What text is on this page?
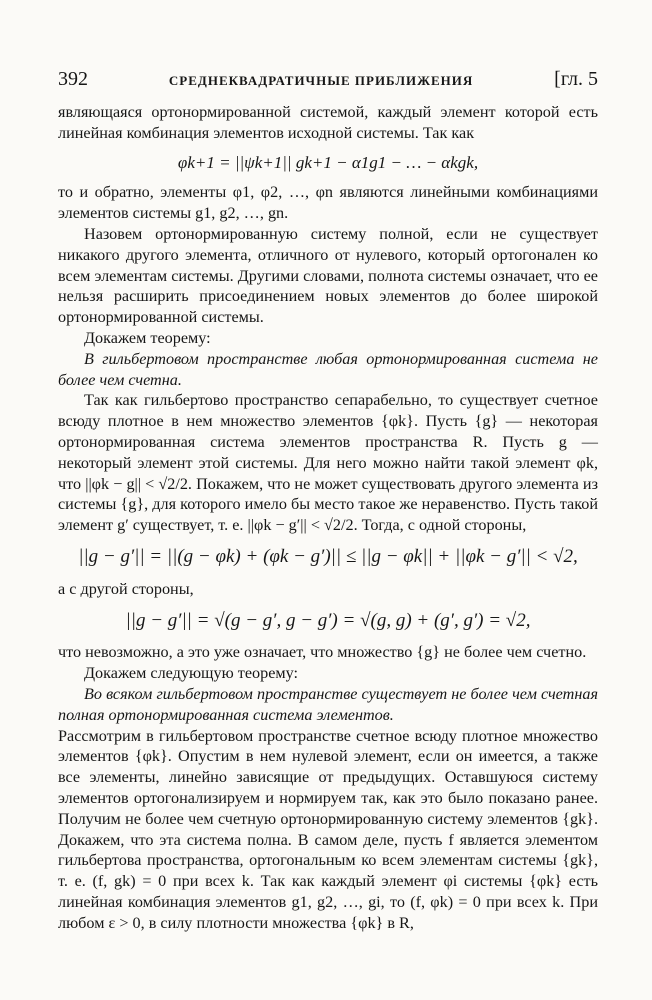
392	СРЕДНЕКВАДРАТИЧНЫЕ ПРИБЛИЖЕНИЯ	[гл. 5

являющаяся ортонормированной системой, каждый элемент которой есть линейная комбинация элементов исходной системы. Так как

φk+1 = ||ψk+1|| gk+1 − α1g1 − … − αkgk,

то и обратно, элементы φ1, φ2, …, φn являются линейными комбинациями элементов системы g1, g2, …, gn.

Назовем ортонормированную систему полной, если не существует никакого другого элемента, отличного от нулевого, который ортогонален ко всем элементам системы. Другими словами, полнота системы означает, что ее нельзя расширить присоединением новых элементов до более широкой ортонормированной системы.

Докажем теорему:

В гильбертовом пространстве любая ортонормированная система не более чем счетна.

Так как гильбертово пространство сепарабельно, то существует счетное всюду плотное в нем множество элементов {φk}. Пусть {g} — некоторая ортонормированная система элементов пространства R. Пусть g — некоторый элемент этой системы. Для него можно найти такой элемент φk, что ||φk − g|| < √2/2. Покажем, что не может существовать другого элемента из системы {g}, для которого имело бы место такое же неравенство. Пусть такой элемент g′ существует, т. е. ||φk − g′|| < √2/2. Тогда, с одной стороны,

||g − g′|| = ||(g − φk) + (φk − g′)|| ≤ ||g − φk|| + ||φk − g′|| < √2,

а с другой стороны,

||g − g′|| = √(g − g′, g − g′) = √(g, g) + (g′, g′) = √2,

что невозможно, а это уже означает, что множество {g} не более чем счетно.

Докажем следующую теорему:

Во всяком гильбертовом пространстве существует не более чем счетная полная ортонормированная система элементов.

Рассмотрим в гильбертовом пространстве счетное всюду плотное множество элементов {φk}. Опустим в нем нулевой элемент, если он имеется, а также все элементы, линейно зависящие от предыдущих. Оставшуюся систему элементов ортогонализируем и нормируем так, как это было показано ранее. Получим не более чем счетную ортонормированную систему элементов {gk}. Докажем, что эта система полна. В самом деле, пусть f является элементом гильбертова пространства, ортогональным ко всем элементам системы {gk}, т. е. (f, gk) = 0 при всех k. Так как каждый элемент φi системы {φk} есть линейная комбинация элементов g1, g2, …, gi, то (f, φk) = 0 при всех k. При любом ε > 0, в силу плотности множества {φk} в R,
